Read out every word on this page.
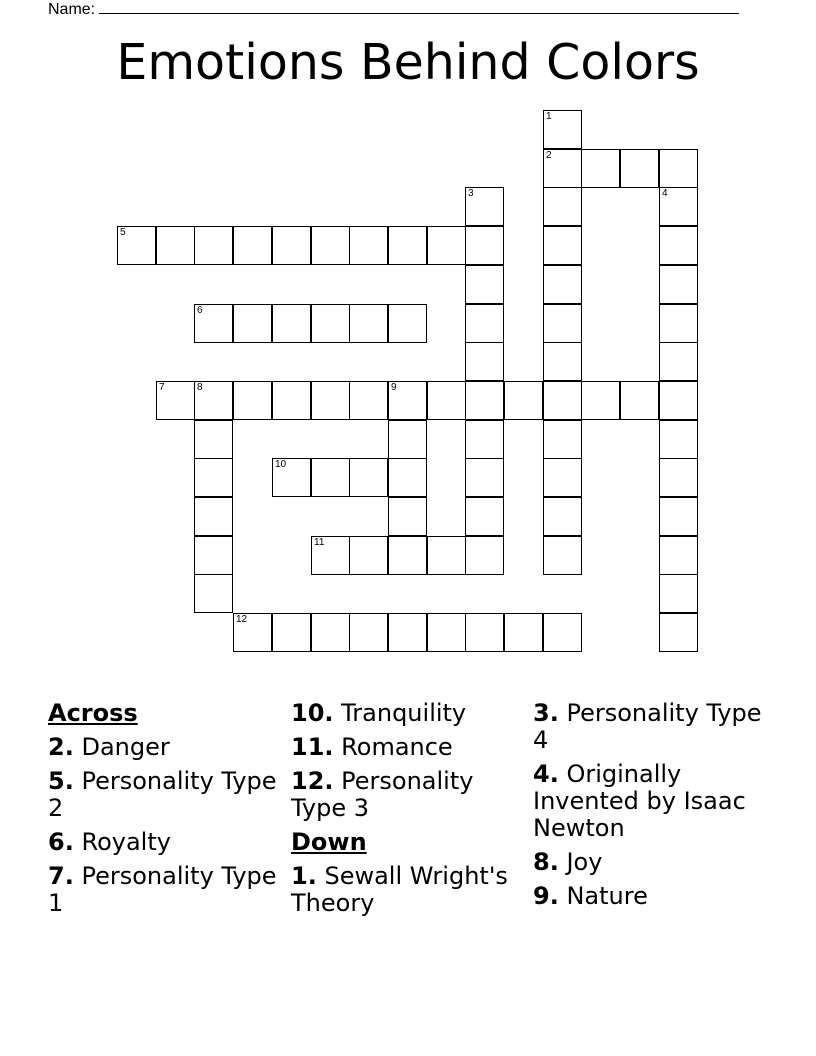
Name:
Emotions Behind Colors
1
2
3	4
5
6
7	8	9
10
11
12
Across
2. Danger
5. Personality Type 2
6. Royalty
7. Personality Type 1
10. Tranquility
11. Romance
12. Personality Type 3
Down
1. Sewall Wright's Theory
3. Personality Type 4
4. Originally Invented by Isaac Newton
8. Joy
9. Nature
